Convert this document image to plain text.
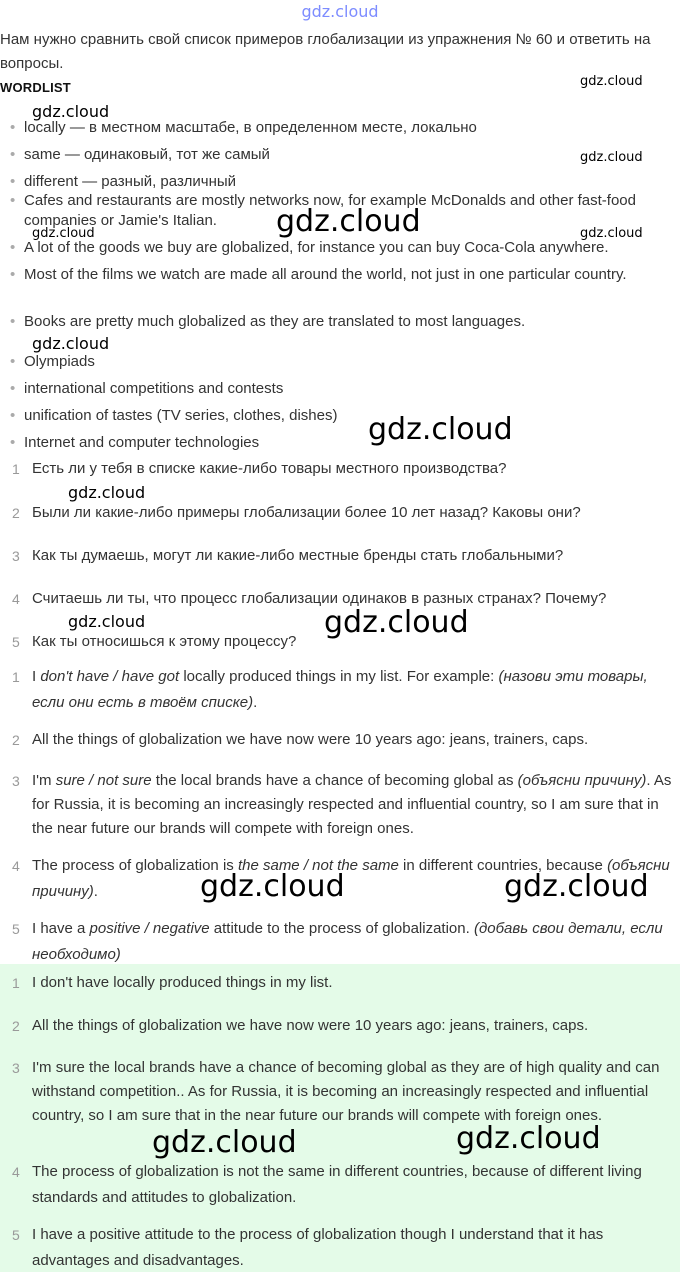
gdz.cloud
Нам нужно сравнить свой список примеров глобализации из упражнения № 60 и ответить на вопросы.
WORDLIST
• locally — в местном масштабе, в определенном месте, локально
• same — одинаковый, тот же самый
• different — разный, различный
• Cafes and restaurants are mostly networks now, for example McDonalds and other fast-food companies or Jamie's Italian.
• A lot of the goods we buy are globalized, for instance you can buy Coca-Cola anywhere.
• Most of the films we watch are made all around the world, not just in one particular country.
• Books are pretty much globalized as they are translated to most languages.
• Olympiads
• international competitions and contests
• unification of tastes (TV series, clothes, dishes)
• Internet and computer technologies
1 Есть ли у тебя в списке какие-либо товары местного производства?
2 Были ли какие-либо примеры глобализации более 10 лет назад? Каковы они?
3 Как ты думаешь, могут ли какие-либо местные бренды стать глобальными?
4 Считаешь ли ты, что процесс глобализации одинаков в разных странах? Почему?
5 Как ты относишься к этому процессу?
1 I don't have / have got locally produced things in my list. For example: (назови эти товары, если они есть в твоём списке).
2 All the things of globalization we have now were 10 years ago: jeans, trainers, caps.
3 I'm sure / not sure the local brands have a chance of becoming global as (объясни причину). As for Russia, it is becoming an increasingly respected and influential country, so I am sure that in the near future our brands will compete with foreign ones.
4 The process of globalization is the same / not the same in different countries, because (объясни причину).
5 I have a positive / negative attitude to the process of globalization. (добавь свои детали, если необходимо)
1 I don't have locally produced things in my list.
2 All the things of globalization we have now were 10 years ago: jeans, trainers, caps.
3 I'm sure the local brands have a chance of becoming global as they are of high quality and can withstand competition.. As for Russia, it is becoming an increasingly respected and influential country, so I am sure that in the near future our brands will compete with foreign ones.
4 The process of globalization is not the same in different countries, because of different living standards and attitudes to globalization.
5 I have a positive attitude to the process of globalization though I understand that it has advantages and disadvantages.
gdz.cloud
gdz.cloud
gdz.cloud
gdz.cloud	gdz.cloud	gdz.cloud
gdz.cloud
gdz.cloud
gdz.cloud
gdz.cloud	gdz.cloud
gdz.cloud	gdz.cloud
gdz.cloud	gdz.cloud
